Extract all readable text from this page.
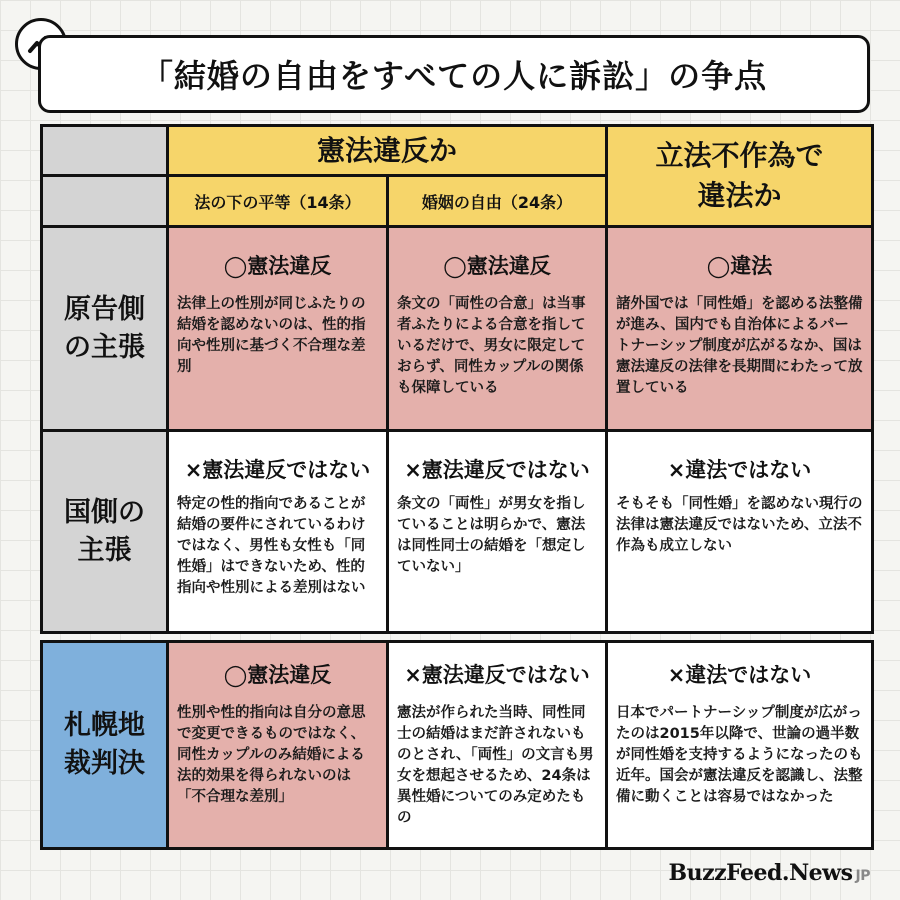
「結婚の自由をすべての人に訴訟」の争点
憲法違反か
法の下の平等（14条）	婚姻の自由（24条）
立法不作為で違法か
原告側の主張
◯憲法違反
法律上の性別が同じふたりの結婚を認めないのは、性的指向や性別に基づく不合理な差別
◯憲法違反
条文の「両性の合意」は当事者ふたりによる合意を指しているだけで、男女に限定しておらず、同性カップルの関係も保障している
◯違法
諸外国では「同性婚」を認める法整備が進み、国内でも自治体によるパートナーシップ制度が広がるなか、国は憲法違反の法律を長期間にわたって放置している
国側の主張
×憲法違反ではない
特定の性的指向であることが結婚の要件にされているわけではなく、男性も女性も「同性婚」はできないため、性的指向や性別による差別はない
×憲法違反ではない
条文の「両性」が男女を指していることは明らかで、憲法は同性同士の結婚を「想定していない」
×違法ではない
そもそも「同性婚」を認めない現行の法律は憲法違反ではないため、立法不作為も成立しない
札幌地裁判決
◯憲法違反
性別や性的指向は自分の意思で変更できるものではなく、同性カップルのみ結婚による法的効果を得られないのは「不合理な差別」
×憲法違反ではない
憲法が作られた当時、同性同士の結婚はまだ許されないものとされ、「両性」の文言も男女を想起させるため、24条は異性婚についてのみ定めたもの
×違法ではない
日本でパートナーシップ制度が広がったのは2015年以降で、世論の過半数が同性婚を支持するようになったのも近年。国会が憲法違反を認識し、法整備に動くことは容易ではなかった
BuzzFeed.News JP
